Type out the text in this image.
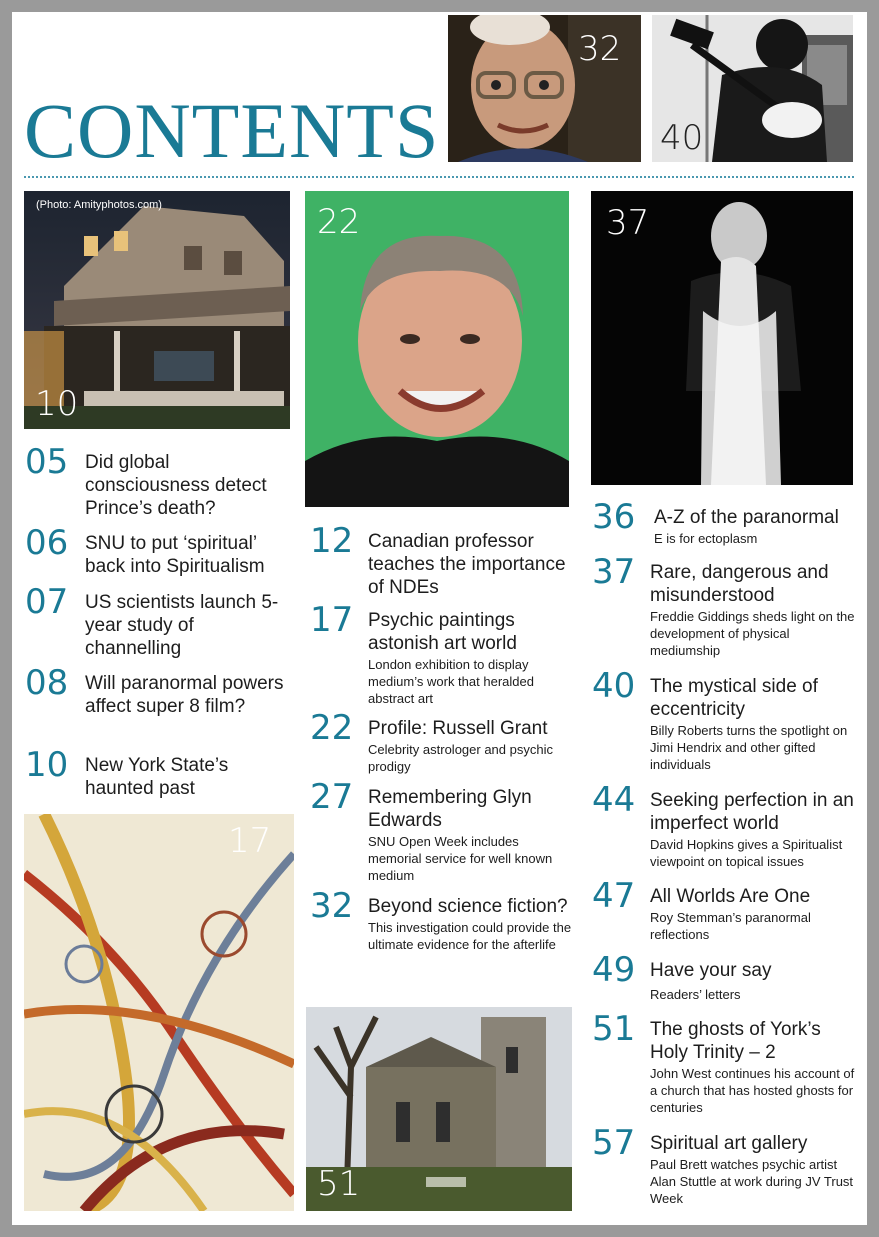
CONTENTS
32
40
(Photo: Amityphotos.com)
10
22	37
17
51
05 Did global consciousness detect Prince’s death?
06 SNU to put ‘spiritual’ back into Spiritualism
07 US scientists launch 5-year study of channelling
08 Will paranormal powers affect super 8 film?
10 New York State’s haunted past
12 Canadian professor teaches the importance of NDEs
17 Psychic paintings astonish art world
London exhibition to display medium’s work that heralded abstract art
22 Profile: Russell Grant
Celebrity astrologer and psychic prodigy
27 Remembering Glyn Edwards
SNU Open Week includes memorial service for well known medium
32 Beyond science fiction?
This investigation could provide the ultimate evidence for the afterlife
36 A-Z of the paranormal
E is for ectoplasm
37 Rare, dangerous and misunderstood
Freddie Giddings sheds light on the development of physical mediumship
40 The mystical side of eccentricity
Billy Roberts turns the spotlight on Jimi Hendrix and other gifted individuals
44 Seeking perfection in an imperfect world
David Hopkins gives a Spiritualist viewpoint on topical issues
47 All Worlds Are One
Roy Stemman’s paranormal reflections
49 Have your say
Readers’ letters
51 The ghosts of York’s Holy Trinity – 2
John West continues his account of a church that has hosted ghosts for centuries
57 Spiritual art gallery
Paul Brett watches psychic artist Alan Stuttle at work during JV Trust Week
